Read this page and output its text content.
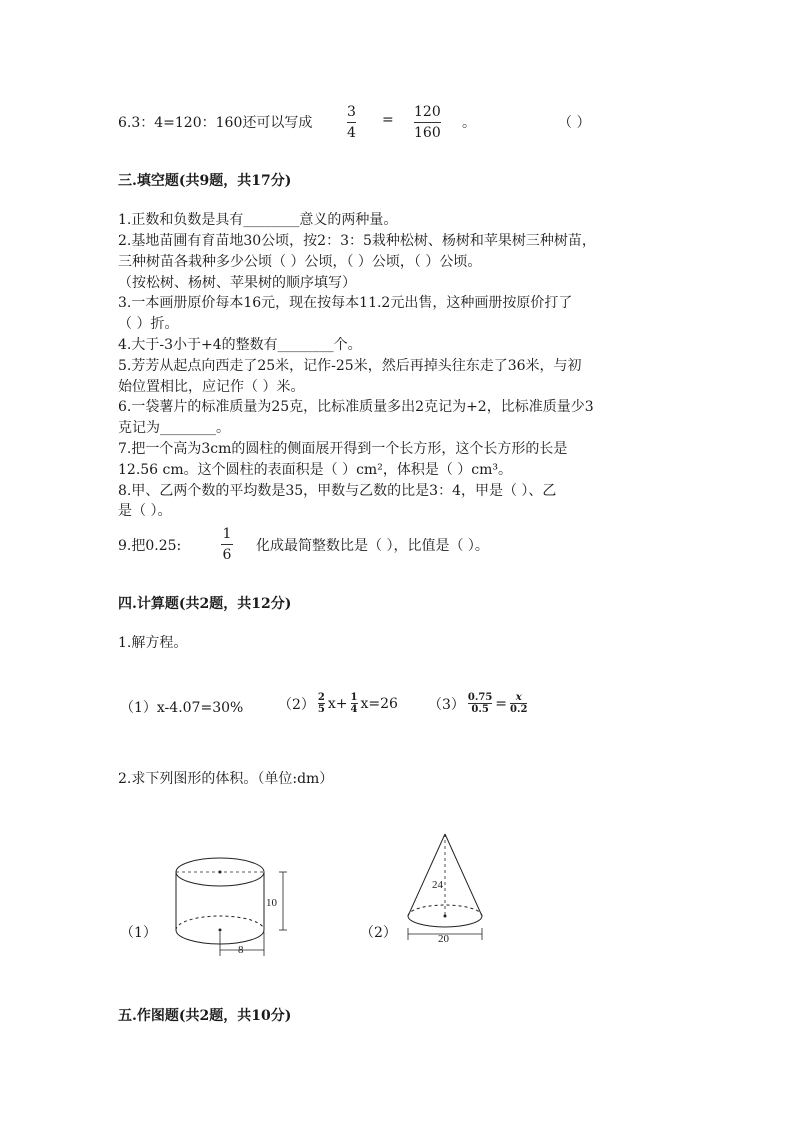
6.3：4=120：160还可以写成
3
4
= 120
160
。	（ ）
三.填空题(共9题，共17分)
1.正数和负数是具有________意义的两种量。
2.基地苗圃有育苗地30公顷，按2：3：5栽种松树、杨树和苹果树三种树苗，
三种树苗各栽种多少公顷（ ）公顷，（ ）公顷，（ ）公顷。
（按松树、杨树、苹果树的顺序填写）
3.一本画册原价每本16元，现在按每本11.2元出售，这种画册按原价打了
（ ）折。
4.大于-3小于+4的整数有________个。
5.芳芳从起点向西走了25米，记作-25米，然后再掉头往东走了36米，与初
始位置相比，应记作（ ）米。
6.一袋薯片的标准质量为25克，比标准质量多出2克记为+2，比标准质量少3
克记为________。
7.把一个高为3cm的圆柱的侧面展开得到一个长方形，这个长方形的长是
12.56 cm。这个圆柱的表面积是（ ）cm²，体积是（ ）cm³。
8.甲、乙两个数的平均数是35，甲数与乙数的比是3：4，甲是（ ）、乙
是（ ）。
9.把0.25:
1
6
化成最简整数比是（ ），比值是（ ）。
四.计算题(共2题，共12分)
1.解方程。
（1）x-4.07=30% （2） 2
5 x+ 1
4 x=26 （3） 0.75
0.5 = x
0.2
2.求下列图形的体积。（单位:dm）
（1）	（2）
10
8
24
20
五.作图题(共2题，共10分)
